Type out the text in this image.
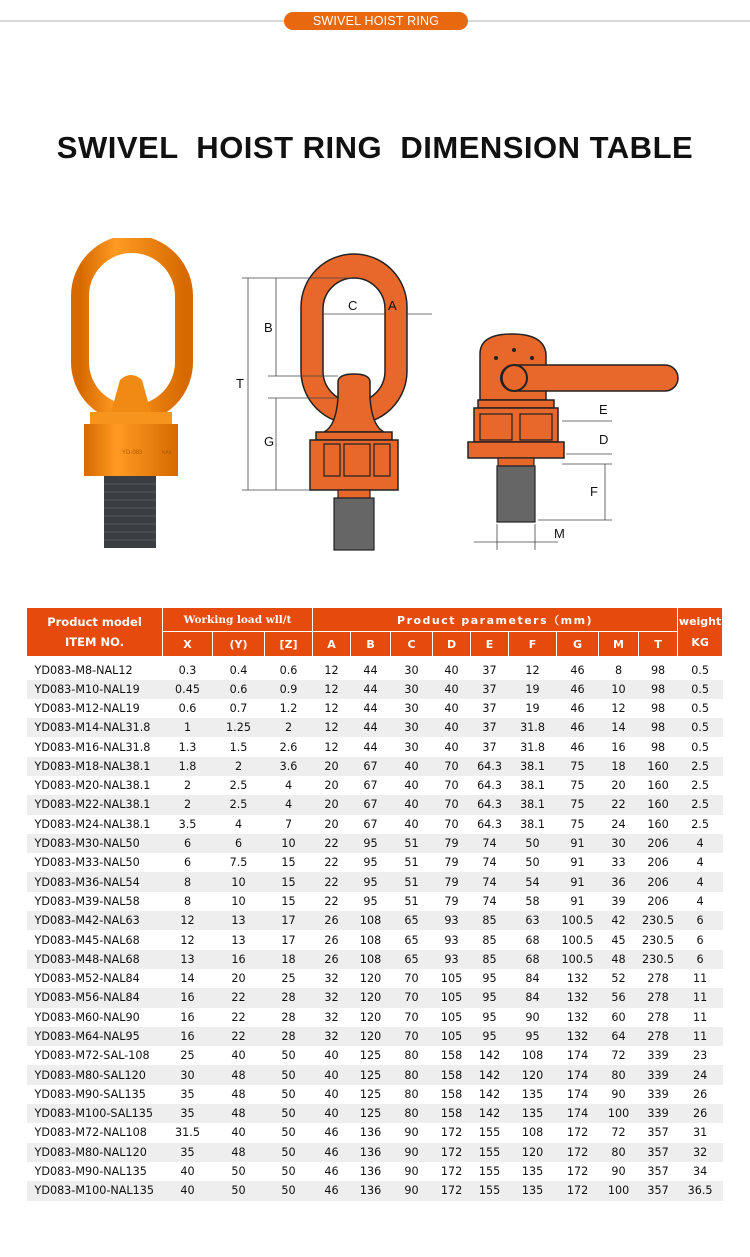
SWIVEL HOIST RING
SWIVEL  HOIST RING  DIMENSION TABLE
YD-083	KAK
T
B
G
C A
E
D
F
M
Product model
ITEM NO.
	Working load wll/t	Product parameters（mm)	weight
KG

	X	(Y)	[Z]	A	B	C	D	E	F	G	M	T	
YD083-M8-NAL12	0.3	0.4	0.6	12	44	30	40	37	12	46	8	98	0.5
YD083-M10-NAL19	0.45	0.6	0.9	12	44	30	40	37	19	46	10	98	0.5
YD083-M12-NAL19	0.6	0.7	1.2	12	44	30	40	37	19	46	12	98	0.5
YD083-M14-NAL31.8	1	1.25	2	12	44	30	40	37	31.8	46	14	98	0.5
YD083-M16-NAL31.8	1.3	1.5	2.6	12	44	30	40	37	31.8	46	16	98	0.5
YD083-M18-NAL38.1	1.8	2	3.6	20	67	40	70	64.3	38.1	75	18	160	2.5
YD083-M20-NAL38.1	2	2.5	4	20	67	40	70	64.3	38.1	75	20	160	2.5
YD083-M22-NAL38.1	2	2.5	4	20	67	40	70	64.3	38.1	75	22	160	2.5
YD083-M24-NAL38.1	3.5	4	7	20	67	40	70	64.3	38.1	75	24	160	2.5
YD083-M30-NAL50	6	6	10	22	95	51	79	74	50	91	30	206	4
YD083-M33-NAL50	6	7.5	15	22	95	51	79	74	50	91	33	206	4
YD083-M36-NAL54	8	10	15	22	95	51	79	74	54	91	36	206	4
YD083-M39-NAL58	8	10	15	22	95	51	79	74	58	91	39	206	4
YD083-M42-NAL63	12	13	17	26	108	65	93	85	63	100.5	42	230.5	6
YD083-M45-NAL68	12	13	17	26	108	65	93	85	68	100.5	45	230.5	6
YD083-M48-NAL68	13	16	18	26	108	65	93	85	68	100.5	48	230.5	6
YD083-M52-NAL84	14	20	25	32	120	70	105	95	84	132	52	278	11
YD083-M56-NAL84	16	22	28	32	120	70	105	95	84	132	56	278	11
YD083-M60-NAL90	16	22	28	32	120	70	105	95	90	132	60	278	11
YD083-M64-NAL95	16	22	28	32	120	70	105	95	95	132	64	278	11
YD083-M72-SAL-108	25	40	50	40	125	80	158	142	108	174	72	339	23
YD083-M80-SAL120	30	48	50	40	125	80	158	142	120	174	80	339	24
YD083-M90-SAL135	35	48	50	40	125	80	158	142	135	174	90	339	26
YD083-M100-SAL135	35	48	50	40	125	80	158	142	135	174	100	339	26
YD083-M72-NAL108	31.5	40	50	46	136	90	172	155	108	172	72	357	31
YD083-M80-NAL120	35	48	50	46	136	90	172	155	120	172	80	357	32
YD083-M90-NAL135	40	50	50	46	136	90	172	155	135	172	90	357	34
YD083-M100-NAL135	40	50	50	46	136	90	172	155	135	172	100	357	36.5
